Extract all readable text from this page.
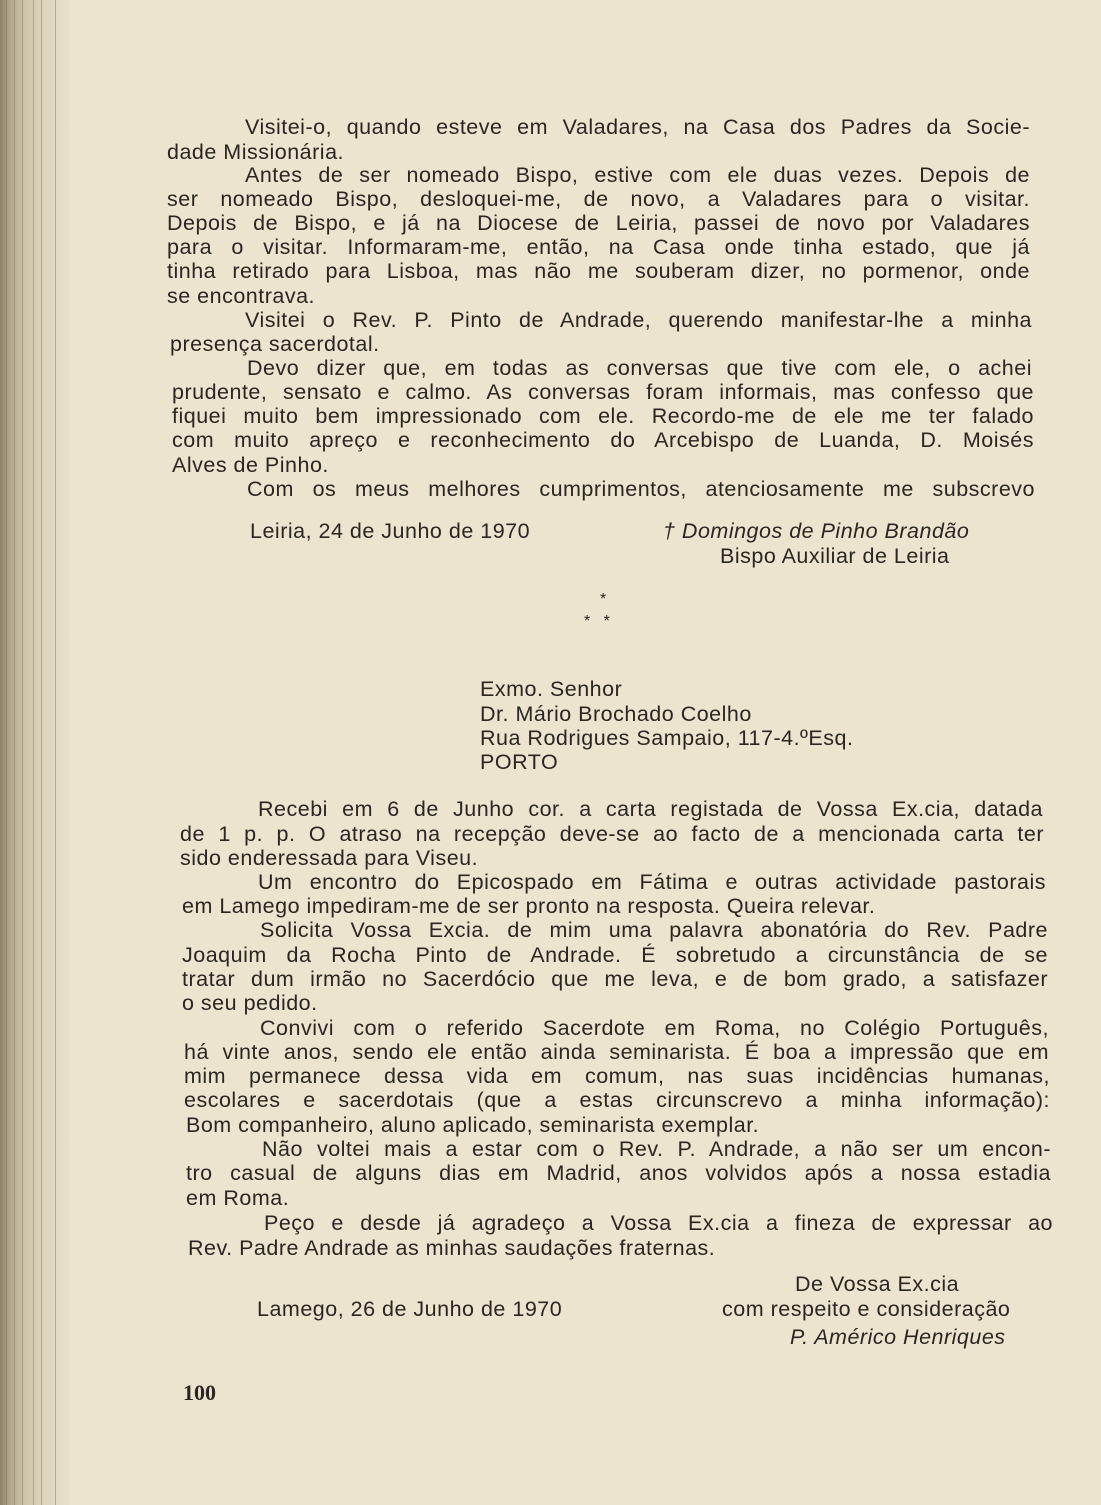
Visitei-o, quando esteve em Valadares, na Casa dos Padres da Socie-
dade Missionária.
Antes de ser nomeado Bispo, estive com ele duas vezes. Depois de
ser nomeado Bispo, desloquei-me, de novo, a Valadares para o visitar.
Depois de Bispo, e já na Diocese de Leiria, passei de novo por Valadares
para o visitar. Informaram-me, então, na Casa onde tinha estado, que já
tinha retirado para Lisboa, mas não me souberam dizer, no pormenor, onde
se encontrava.
Visitei o Rev. P. Pinto de Andrade, querendo manifestar-lhe a minha
presença sacerdotal.
Devo dizer que, em todas as conversas que tive com ele, o achei
prudente, sensato e calmo. As conversas foram informais, mas confesso que
fiquei muito bem impressionado com ele. Recordo-me de ele me ter falado
com muito apreço e reconhecimento do Arcebispo de Luanda, D. Moisés
Alves de Pinho.
Com os meus melhores cumprimentos, atenciosamente me subscrevo
Leiria, 24 de Junho de 1970	† Domingos de Pinho Brandão
Bispo Auxiliar de Leiria
*
*   *
Exmo. Senhor
Dr. Mário Brochado Coelho
Rua Rodrigues Sampaio, 117-4.ºEsq.
PORTO
Recebi em 6 de Junho cor. a carta registada de Vossa Ex.cia, datada
de 1 p. p. O atraso na recepção deve-se ao facto de a mencionada carta ter
sido enderessada para Viseu.
Um encontro do Epicospado em Fátima e outras actividade pastorais
em Lamego impediram-me de ser pronto na resposta. Queira relevar.
Solicita Vossa Excia. de mim uma palavra abonatória do Rev. Padre
Joaquim da Rocha Pinto de Andrade. É sobretudo a circunstância de se
tratar dum irmão no Sacerdócio que me leva, e de bom grado, a satisfazer
o seu pedido.
Convivi com o referido Sacerdote em Roma, no Colégio Português,
há vinte anos, sendo ele então ainda seminarista. É boa a impressão que em
mim permanece dessa vida em comum, nas suas incidências humanas,
escolares e sacerdotais (que a estas circunscrevo a minha informação):
Bom companheiro, aluno aplicado, seminarista exemplar.
Não voltei mais a estar com o Rev. P. Andrade, a não ser um encon-
tro casual de alguns dias em Madrid, anos volvidos após a nossa estadia
em Roma.
Peço e desde já agradeço a Vossa Ex.cia a fineza de expressar ao
Rev. Padre Andrade as minhas saudações fraternas.
De Vossa Ex.cia
Lamego, 26 de Junho de 1970	com respeito e consideração
P. Américo Henriques
100
